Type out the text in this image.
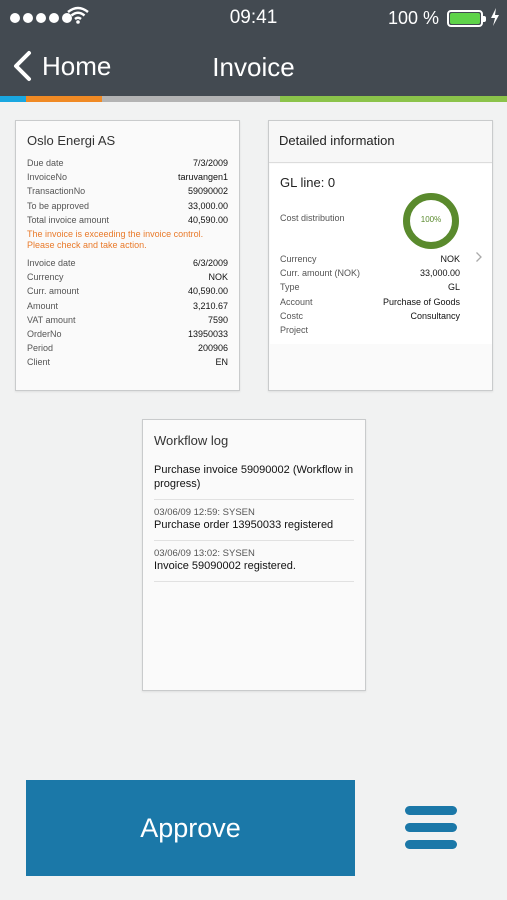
09:41	100 %
Home	Invoice
Oslo Energi AS
Due date	7/3/2009
InvoiceNo	taruvangen1
TransactionNo	59090002
To be approved	33,000.00
Total invoice amount	40,590.00
The invoice is exceeding the invoice control. Please check and take action.
Invoice date	6/3/2009
Currency	NOK
Curr. amount	40,590.00
Amount	3,210.67
VAT amount	7590
OrderNo	13950033
Period	200906
Client	EN
Detailed information
GL line: 0
Cost distribution	100%
Currency	NOK
Curr. amount (NOK)	33,000.00
Type	GL
Account	Purchase of Goods
Costc	Consultancy
Project
Workflow log
Purchase invoice 59090002 (Workflow in progress)
03/06/09 12:59: SYSEN
Purchase order 13950033 registered
03/06/09 13:02: SYSEN
Invoice 59090002 registered.
Approve
